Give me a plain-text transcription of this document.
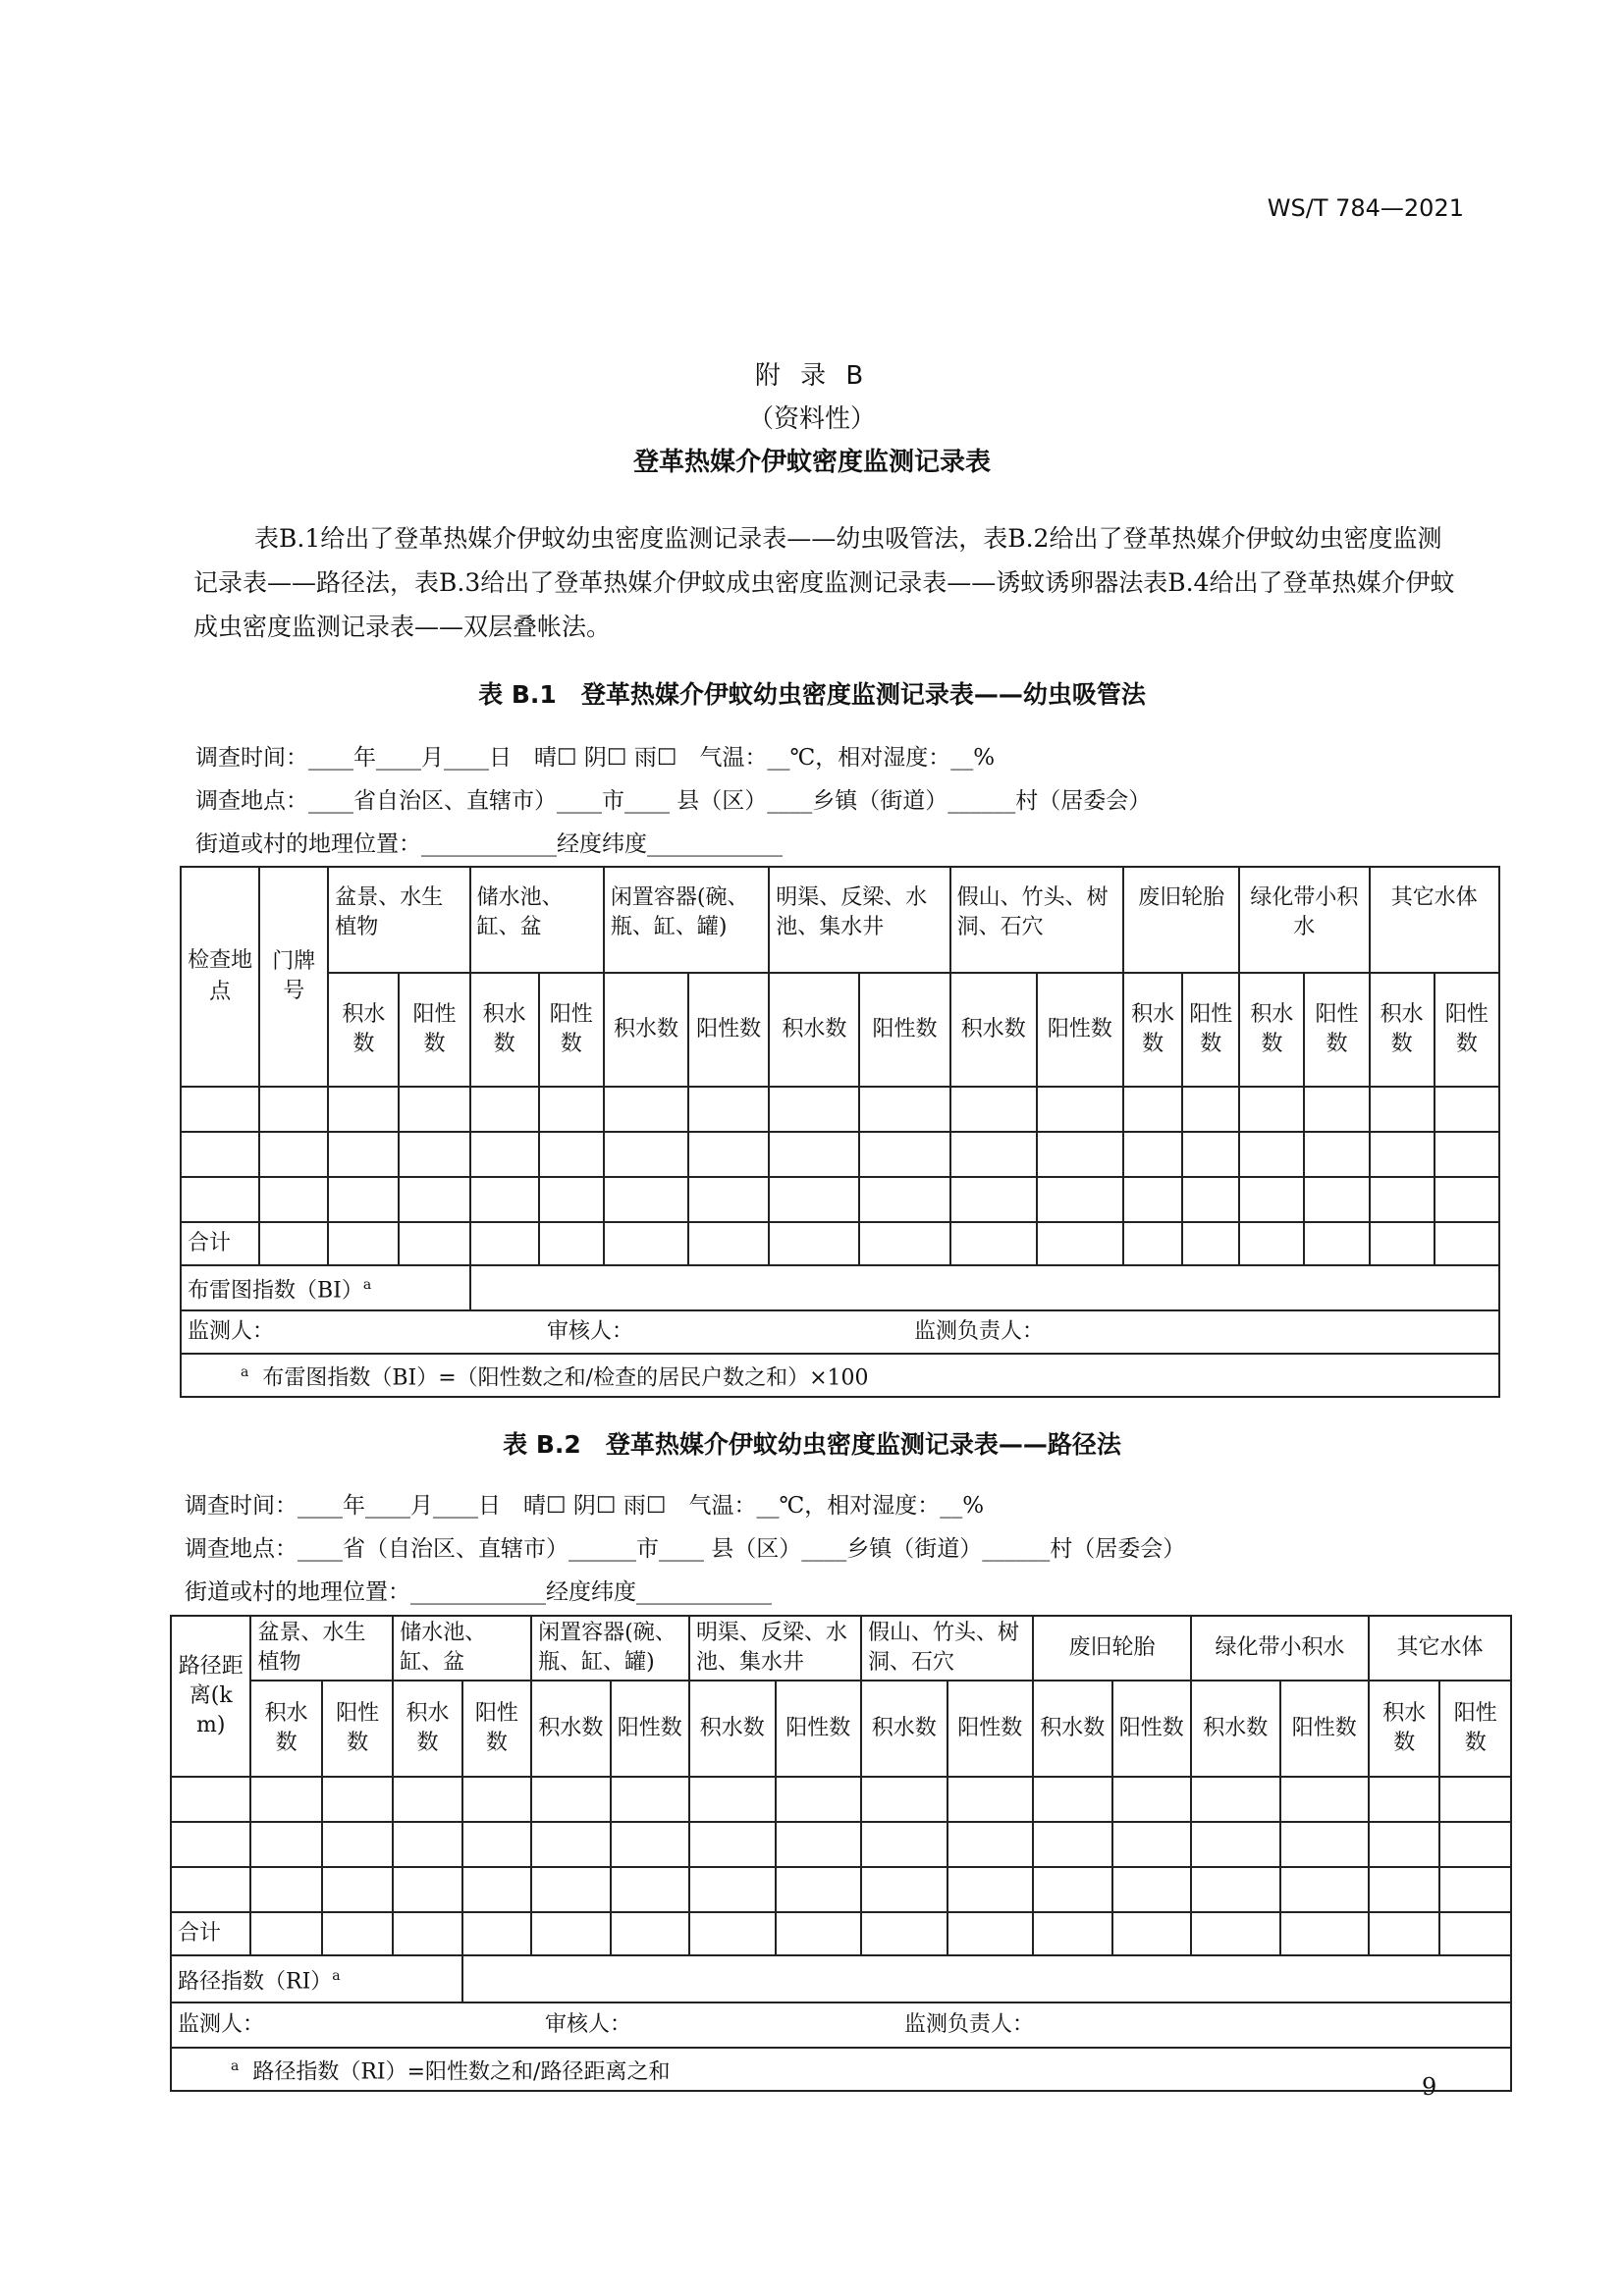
WS/T 784—2021
附 录 B
（资料性）
登革热媒介伊蚊密度监测记录表

表B.1给出了登革热媒介伊蚊幼虫密度监测记录表——幼虫吸管法，表B.2给出了登革热媒介伊蚊幼虫密度监测记录表——路径法，表B.3给出了登革热媒介伊蚊成虫密度监测记录表——诱蚊诱卵器法表B.4给出了登革热媒介伊蚊成虫密度监测记录表——双层叠帐法。

表 B.1　登革热媒介伊蚊幼虫密度监测记录表——幼虫吸管法
调查时间：____年____月____日　晴☐ 阴☐ 雨☐　气温：__℃，相对湿度：__%
调查地点：____省自治区、直辖市）____市____ 县（区）____乡镇（街道）______村（居委会）
街道或村的地理位置：____________经度纬度____________
检查地点	门牌号	盆景、水生植物		储水池、缸、盆		闲置容器(碗、瓶、缸、罐)		明渠、反梁、水池、集水井		假山、竹头、树洞、石穴		废旧轮胎		绿化带小积水		其它水体	
		积水数	阳性数	积水数	阳性数	积水数	阳性数	积水数	阳性数	积水数	阳性数	积水数	阳性数	积水数	阳性数	积水数	阳性数

合计																	
布雷图指数（BI）$^a$	
监测人： 审核人： 监测负责人：																	

$^a$ 布雷图指数（BI）=（阳性数之和/检查的居民户数之和）×100																	
表 B.2　登革热媒介伊蚊幼虫密度监测记录表——路径法
调查时间：____年____月____日　晴☐ 阴☐ 雨☐　气温：__℃，相对湿度：__%
调查地点：____省（自治区、直辖市）______市____ 县（区）____乡镇（街道）______村（居委会）
街道或村的地理位置：____________经度纬度____________
路径距离(km)	盆景、水生植物		储水池、缸、盆		闲置容器(碗、瓶、缸、罐)		明渠、反梁、水池、集水井		假山、竹头、树洞、石穴		废旧轮胎		绿化带小积水		其它水体	
	积水数	阳性数	积水数	阳性数	积水数	阳性数	积水数	阳性数	积水数	阳性数	积水数	阳性数	积水数	阳性数	积水数	阳性数

合计																
路径指数（RI）$^a$	
监测人： 审核人： 监测负责人：																

$^a$ 路径指数（RI）=阳性数之和/路径距离之和																
9
